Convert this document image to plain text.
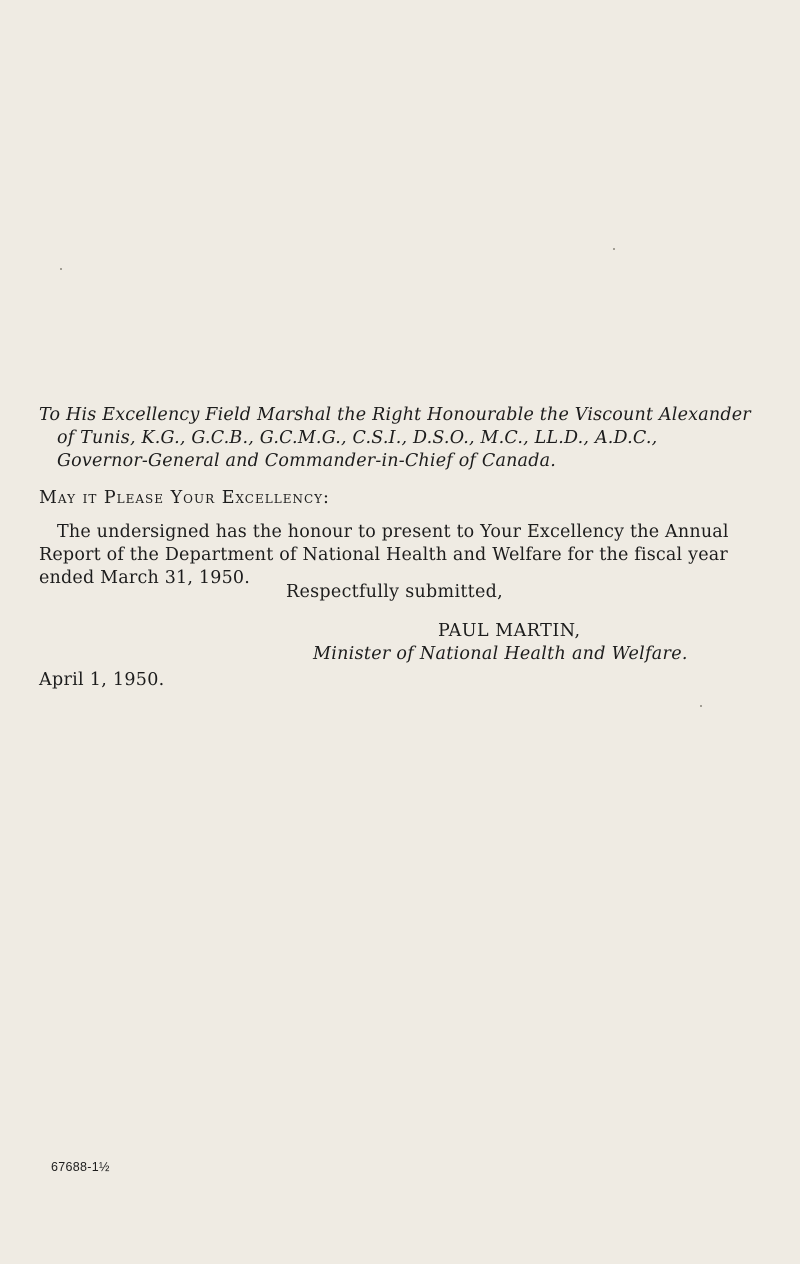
To His Excellency Field Marshal the Right Honourable the Viscount Alexander
of Tunis, K.G., G.C.B., G.C.M.G., C.S.I., D.S.O., M.C., LL.D., A.D.C.,
Governor-General and Commander-in-Chief of Canada.
May it Please Your Excellency:
The undersigned has the honour to present to Your Excellency the Annual
Report of the Department of National Health and Welfare for the fiscal year
ended March 31, 1950.
Respectfully submitted,
PAUL MARTIN,
Minister of National Health and Welfare.
April 1, 1950.
67688-1½
